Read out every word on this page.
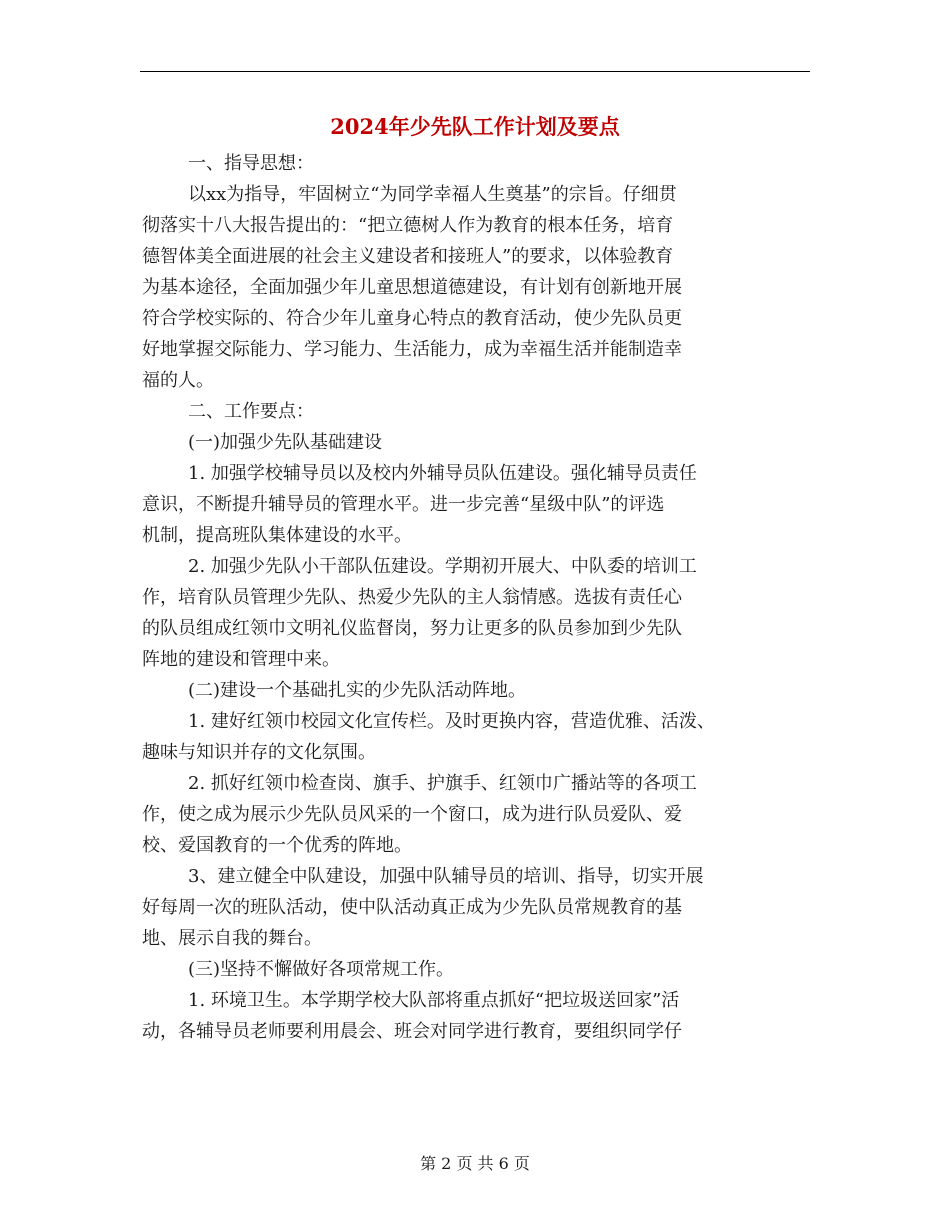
2024年少先队工作计划及要点
一、指导思想：
以xx为指导，牢固树立“为同学幸福人生奠基”的宗旨。仔细贯
彻落实十八大报告提出的：“把立德树人作为教育的根本任务，培育
德智体美全面进展的社会主义建设者和接班人”的要求，以体验教育
为基本途径，全面加强少年儿童思想道德建设，有计划有创新地开展
符合学校实际的、符合少年儿童身心特点的教育活动，使少先队员更
好地掌握交际能力、学习能力、生活能力，成为幸福生活并能制造幸
福的人。
二、工作要点：
(一)加强少先队基础建设
1. 加强学校辅导员以及校内外辅导员队伍建设。强化辅导员责任
意识，不断提升辅导员的管理水平。进一步完善“星级中队”的评选
机制，提高班队集体建设的水平。
2. 加强少先队小干部队伍建设。学期初开展大、中队委的培训工
作，培育队员管理少先队、热爱少先队的主人翁情感。选拔有责任心
的队员组成红领巾文明礼仪监督岗，努力让更多的队员参加到少先队
阵地的建设和管理中来。
(二)建设一个基础扎实的少先队活动阵地。
1. 建好红领巾校园文化宣传栏。及时更换内容，营造优雅、活泼、
趣味与知识并存的文化氛围。
2. 抓好红领巾检查岗、旗手、护旗手、红领巾广播站等的各项工
作，使之成为展示少先队员风采的一个窗口，成为进行队员爱队、爱
校、爱国教育的一个优秀的阵地。
3、建立健全中队建设，加强中队辅导员的培训、指导，切实开展
好每周一次的班队活动，使中队活动真正成为少先队员常规教育的基
地、展示自我的舞台。
(三)坚持不懈做好各项常规工作。
1. 环境卫生。本学期学校大队部将重点抓好“把垃圾送回家”活
动，各辅导员老师要利用晨会、班会对同学进行教育，要组织同学仔
第 2 页 共 6 页
